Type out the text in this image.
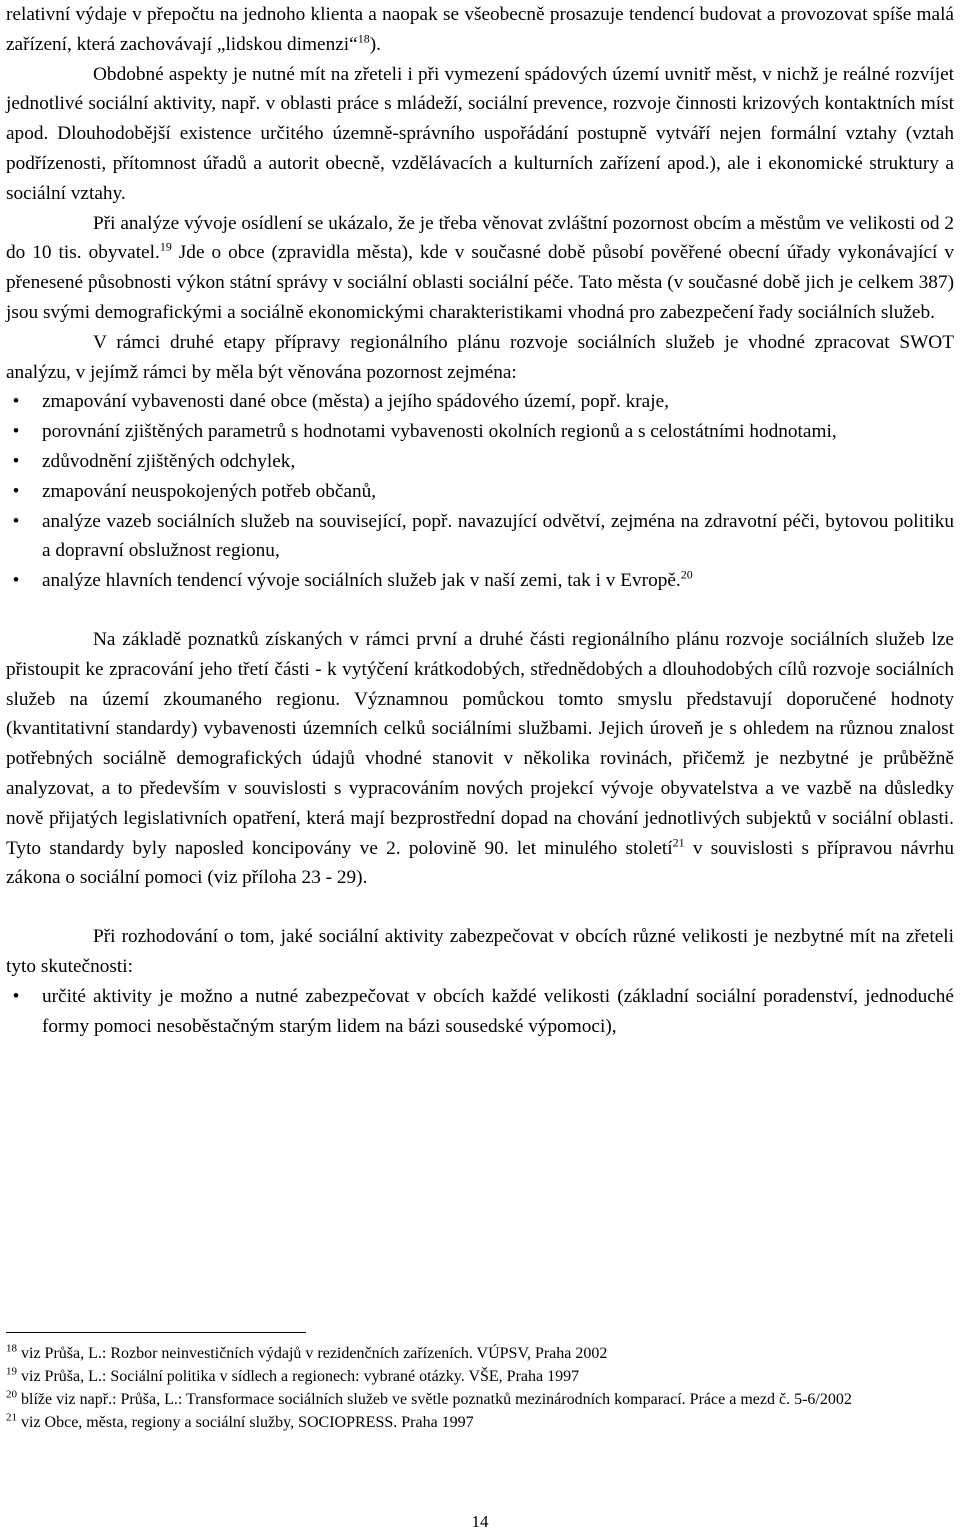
relativní výdaje v přepočtu na jednoho klienta a naopak se všeobecně prosazuje tendencí budovat a provozovat spíše malá zařízení, která zachovávají „lidskou dimenzi“$^{18}$).

Obdobné aspekty je nutné mít na zřeteli i při vymezení spádových území uvnitř měst, v nichž je reálné rozvíjet jednotlivé sociální aktivity, např. v oblasti práce s mládeží, sociální prevence, rozvoje činnosti krizových kontaktních míst apod. Dlouhodobější existence určitého územně-správního uspořádání postupně vytváří nejen formální vztahy (vztah podřízenosti, přítomnost úřadů a autorit obecně, vzdělávacích a kulturních zařízení apod.), ale i ekonomické struktury a sociální vztahy.

Při analýze vývoje osídlení se ukázalo, že je třeba věnovat zvláštní pozornost obcím a městům ve velikosti od 2 do 10 tis. obyvatel.$^{19}$ Jde o obce (zpravidla města), kde v současné době působí pověřené obecní úřady vykonávající v přenesené působnosti výkon státní správy v sociální oblasti sociální péče. Tato města (v současné době jich je celkem 387) jsou svými demografickými a sociálně ekonomickými charakteristikami vhodná pro zabezpečení řady sociálních služeb.

V rámci druhé etapy přípravy regionálního plánu rozvoje sociálních služeb je vhodné zpracovat SWOT analýzu, v jejímž rámci by měla být věnována pozornost zejména:

•	zmapování vybavenosti dané obce (města) a jejího spádového území, popř. kraje,
•	porovnání zjištěných parametrů s hodnotami vybavenosti okolních regionů a s celostátními hodnotami,
•	zdůvodnění zjištěných odchylek,
•	zmapování neuspokojených potřeb občanů,
•	analýze vazeb sociálních služeb na související, popř. navazující odvětví, zejména na zdravotní péči, bytovou politiku a dopravní obslužnost regionu,
•	analýze hlavních tendencí vývoje sociálních služeb jak v naší zemi, tak i v Evropě.$^{20}$

Na základě poznatků získaných v rámci první a druhé části regionálního plánu rozvoje sociálních služeb lze přistoupit ke zpracování jeho třetí části - k vytýčení krátkodobých, střednědobých a dlouhodobých cílů rozvoje sociálních služeb na území zkoumaného regionu. Významnou pomůckou tomto smyslu představují doporučené hodnoty (kvantitativní standardy) vybavenosti územních celků sociálními službami. Jejich úroveň je s ohledem na různou znalost potřebných sociálně demografických údajů vhodné stanovit v několika rovinách, přičemž je nezbytné je průběžně analyzovat, a to především v souvislosti s vypracováním nových projekcí vývoje obyvatelstva a ve vazbě na důsledky nově přijatých legislativních opatření, která mají bezprostřední dopad na chování jednotlivých subjektů v sociální oblasti. Tyto standardy byly naposled koncipovány ve 2. polovině 90. let minulého století$^{21}$ v souvislosti s přípravou návrhu zákona o sociální pomoci (viz příloha 23 - 29).

Při rozhodování o tom, jaké sociální aktivity zabezpečovat v obcích různé velikosti je nezbytné mít na zřeteli tyto skutečnosti:

•	určité aktivity je možno a nutné zabezpečovat v obcích každé velikosti (základní sociální poradenství, jednoduché formy pomoci nesoběstačným starým lidem na bázi sousedské výpomoci),

$^{18}$ viz Průša, L.: Rozbor neinvestičních výdajů v rezidenčních zařízeních. VÚPSV, Praha 2002

$^{19}$ viz Průša, L.: Sociální politika v sídlech a regionech: vybrané otázky. VŠE, Praha 1997

$^{20}$ blíže viz např.: Průša, L.: Transformace sociálních služeb ve světle poznatků mezinárodních komparací. Práce a mezd č. 5-6/2002

$^{21}$ viz Obce, města, regiony a sociální služby, SOCIOPRESS. Praha 1997

14
